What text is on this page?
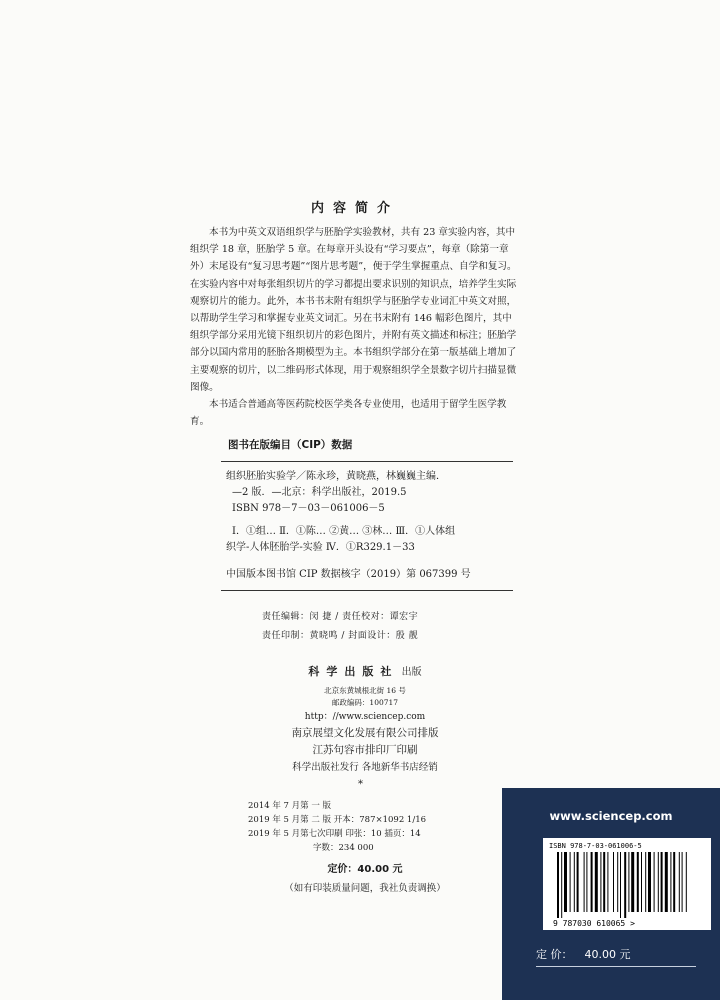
内容简介

本书为中英文双语组织学与胚胎学实验教材，共有 23 章实验内容，其中组织学 18 章，胚胎学 5 章。在每章开头设有“学习要点”，每章（除第一章外）末尾设有“复习思考题”“图片思考题”，便于学生掌握重点、自学和复习。在实验内容中对每张组织切片的学习都提出要求识别的知识点，培养学生实际观察切片的能力。此外，本书书末附有组织学与胚胎学专业词汇中英文对照，以帮助学生学习和掌握专业英文词汇。另在书末附有 146 幅彩色图片，其中组织学部分采用光镜下组织切片的彩色图片，并附有英文描述和标注；胚胎学部分以国内常用的胚胎各期模型为主。本书组织学部分在第一版基础上增加了主要观察的切片，以二维码形式体现，用于观察组织学全景数字切片扫描显微图像。

本书适合普通高等医药院校医学类各专业使用，也适用于留学生医学教育。

图书在版编目（CIP）数据
组织胚胎实验学／陈永珍，黄晓燕，林巍巍主编．
—2 版．—北京：科学出版社，2019.5
ISBN 978－7－03－061006－5
Ⅰ．①组… Ⅱ．①陈… ②黄… ③林… Ⅲ．①人体组
织学-人体胚胎学-实验 Ⅳ．①R329.1－33
中国版本图书馆 CIP 数据核字（2019）第 067399 号
责任编辑：闵 捷 / 责任校对：谭宏宇
责任印制：黄晓鸣 / 封面设计：殷 靓
科学出版社 出版
北京东黄城根北街 16 号
邮政编码：100717
http：//www.sciencep.com
南京展望文化发展有限公司排版
江苏句容市排印厂印刷
科学出版社发行 各地新华书店经销
*
2014 年 7 月第 一 版
2019 年 5 月第 二 版 开本：787×1092 1/16
2019 年 5 月第七次印刷 印张：10 插页：14
字数：234 000
定价：40.00 元
（如有印装质量问题，我社负责调换）
www.sciencep.com
ISBN 978-7-03-061006-5
9 787030 610065 >
定 价： 40.00 元
